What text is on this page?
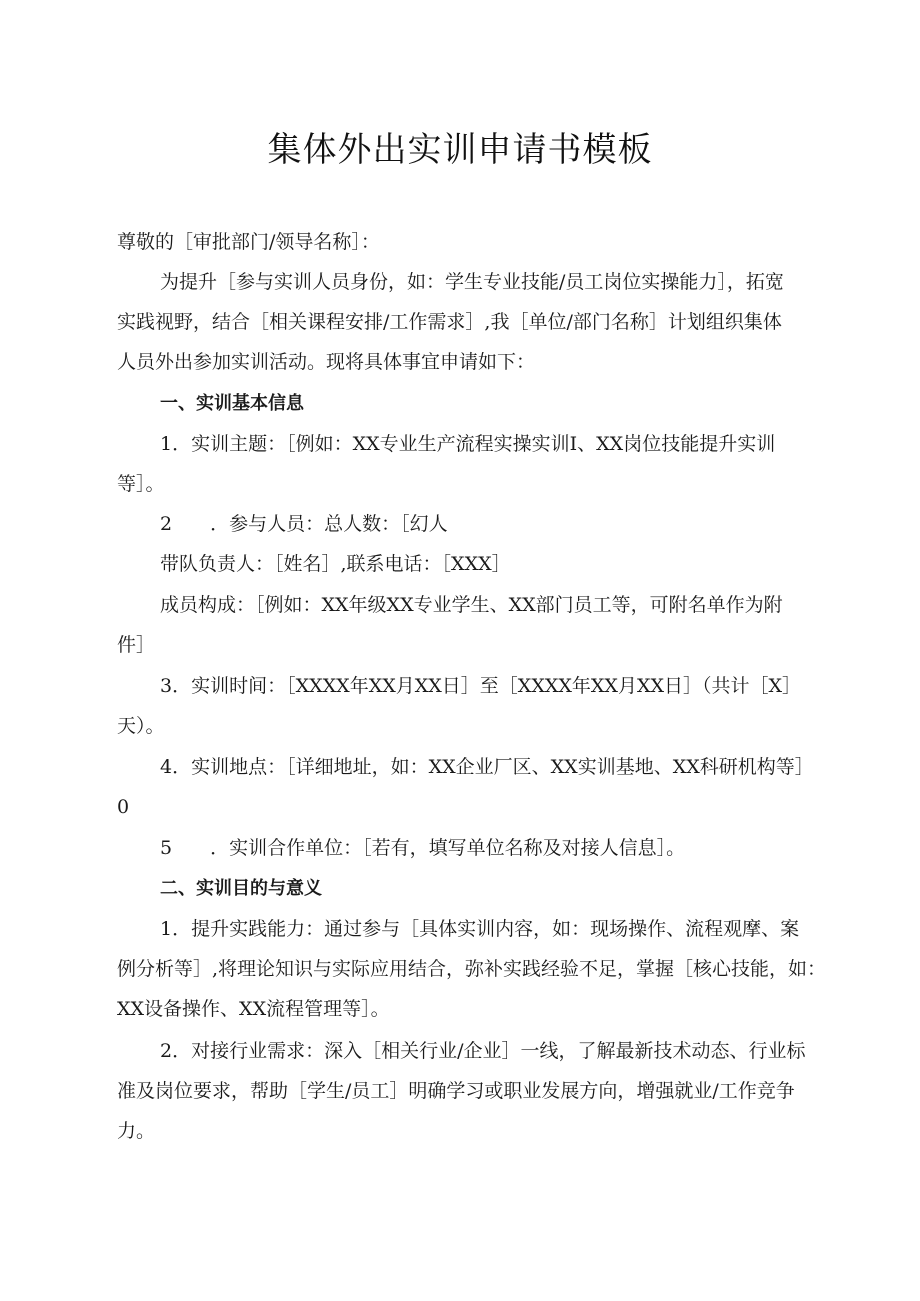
集体外出实训申请书模板
尊敬的［审批部门/领导名称］：
为提升［参与实训人员身份，如：学生专业技能/员工岗位实操能力］，拓宽
实践视野，结合［相关课程安排/工作需求］,我［单位/部门名称］计划组织集体
人员外出参加实训活动。现将具体事宜申请如下：
一、实训基本信息
1．实训主题：［例如：XX专业生产流程实操实训I、XX岗位技能提升实训
等］。
2　　．参与人员：总人数：［幻人
带队负责人：［姓名］,联系电话：［XXX］
成员构成：［例如：XX年级XX专业学生、XX部门员工等，可附名单作为附
件］
3．实训时间：［XXXX年XX月XX日］至［XXXX年XX月XX日］（共计［X］
天）。
4．实训地点：［详细地址，如：XX企业厂区、XX实训基地、XX科研机构等］
0
5　　．实训合作单位：［若有，填写单位名称及对接人信息］。
二、实训目的与意义
1．提升实践能力：通过参与［具体实训内容，如：现场操作、流程观摩、案
例分析等］,将理论知识与实际应用结合，弥补实践经验不足，掌握［核心技能，如：
XX设备操作、XX流程管理等］。
2．对接行业需求：深入［相关行业/企业］一线，了解最新技术动态、行业标
准及岗位要求，帮助［学生/员工］明确学习或职业发展方向，增强就业/工作竞争
力。
